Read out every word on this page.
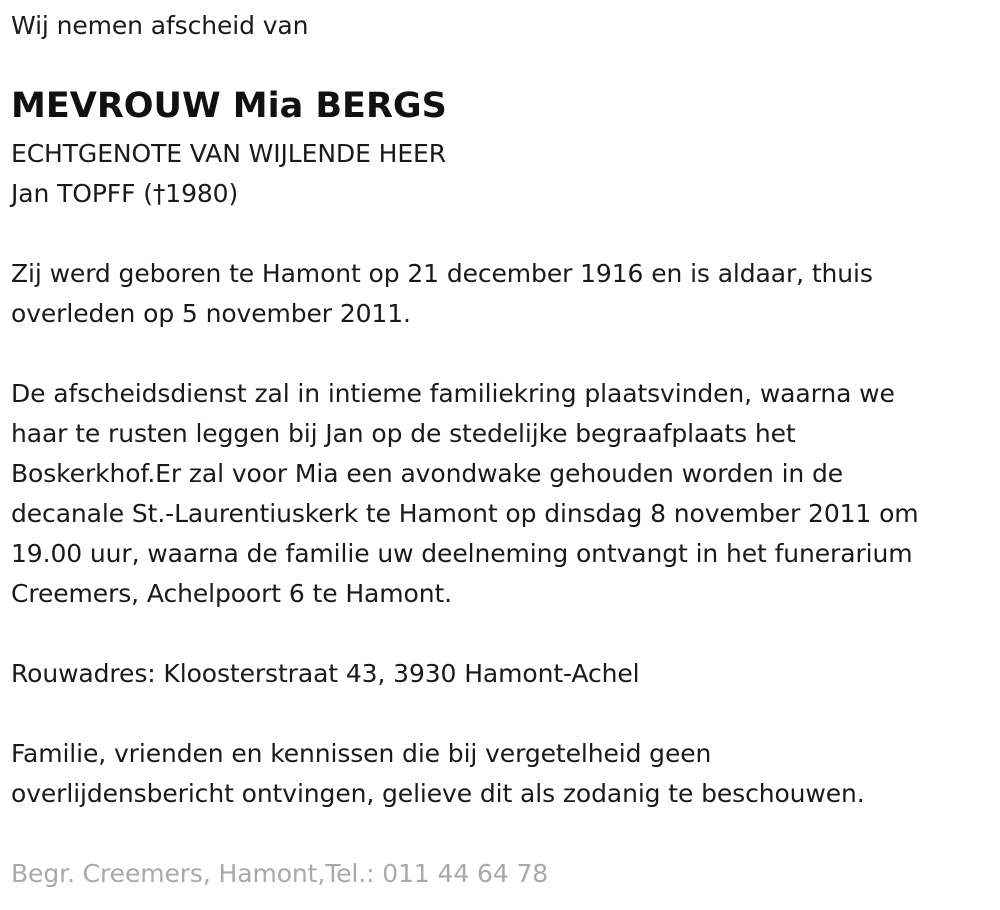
Wij nemen afscheid van
MEVROUW Mia BERGS
ECHTGENOTE VAN WIJLENDE HEER
Jan TOPFF (†1980)
Zij werd geboren te Hamont op 21 december 1916 en is aldaar, thuis
overleden op 5 november 2011.
De afscheidsdienst zal in intieme familiekring plaatsvinden, waarna we
haar te rusten leggen bij Jan op de stedelijke begraafplaats het
Boskerkhof.Er zal voor Mia een avondwake gehouden worden in de
decanale St.-Laurentiuskerk te Hamont op dinsdag 8 november 2011 om
19.00 uur, waarna de familie uw deelneming ontvangt in het funerarium
Creemers, Achelpoort 6 te Hamont.
Rouwadres: Kloosterstraat 43, 3930 Hamont-Achel
Familie, vrienden en kennissen die bij vergetelheid geen
overlijdensbericht ontvingen, gelieve dit als zodanig te beschouwen.
Begr. Creemers, Hamont,Tel.: 011 44 64 78
